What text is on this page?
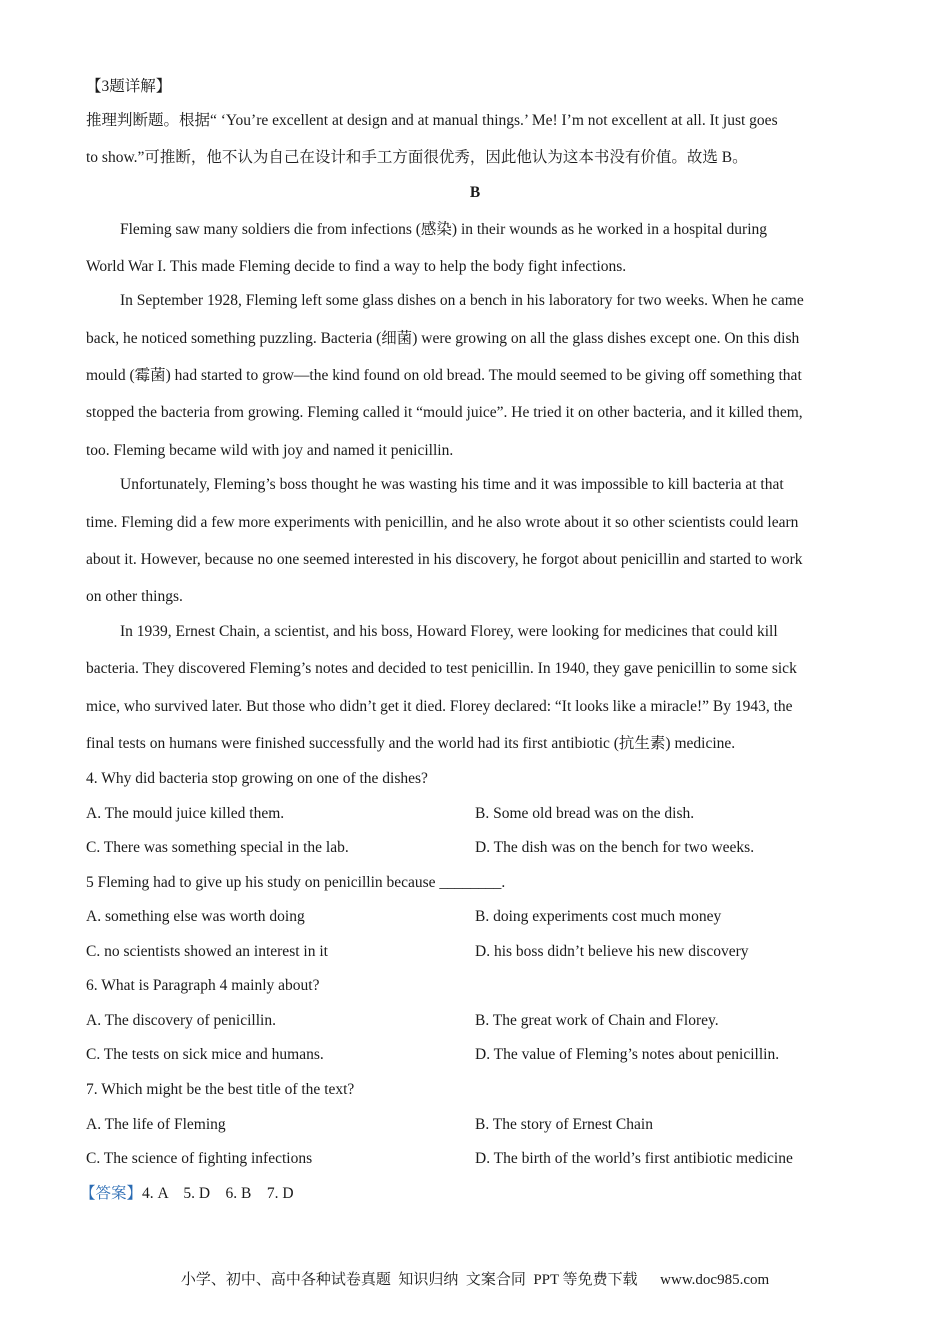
【3题详解】
推理判断题。根据“ ‘You’re excellent at design and at manual things.’ Me! I’m not excellent at all. It just goes
to show.”可推断，他不认为自己在设计和手工方面很优秀，因此他认为这本书没有价值。故选 B。
B
Fleming saw many soldiers die from infections (感染) in their wounds as he worked in a hospital during
World War I. This made Fleming decide to find a way to help the body fight infections.
In September 1928, Fleming left some glass dishes on a bench in his laboratory for two weeks. When he came
back, he noticed something puzzling. Bacteria (细菌) were growing on all the glass dishes except one. On this dish
mould (霉菌) had started to grow—the kind found on old bread. The mould seemed to be giving off something that
stopped the bacteria from growing. Fleming called it “mould juice”. He tried it on other bacteria, and it killed them,
too. Fleming became wild with joy and named it penicillin.
Unfortunately, Fleming’s boss thought he was wasting his time and it was impossible to kill bacteria at that
time. Fleming did a few more experiments with penicillin, and he also wrote about it so other scientists could learn
about it. However, because no one seemed interested in his discovery, he forgot about penicillin and started to work
on other things.
In 1939, Ernest Chain, a scientist, and his boss, Howard Florey, were looking for medicines that could kill
bacteria. They discovered Fleming’s notes and decided to test penicillin. In 1940, they gave penicillin to some sick
mice, who survived later. But those who didn’t get it died. Florey declared: “It looks like a miracle!” By 1943, the
final tests on humans were finished successfully and the world had its first antibiotic (抗生素) medicine.
4. Why did bacteria stop growing on one of the dishes?
A. The mould juice killed them.	B. Some old bread was on the dish.
C. There was something special in the lab.	D. The dish was on the bench for two weeks.
5 Fleming had to give up his study on penicillin because ________.
A. something else was worth doing	B. doing experiments cost much money
C. no scientists showed an interest in it	D. his boss didn’t believe his new discovery
6. What is Paragraph 4 mainly about?
A. The discovery of penicillin.	B. The great work of Chain and Florey.
C. The tests on sick mice and humans.	D. The value of Fleming’s notes about penicillin.
7. Which might be the best title of the text?
A. The life of Fleming	B. The story of Ernest Chain
C. The science of fighting infections	D. The birth of the world’s first antibiotic medicine
【答案】4. A    5. D    6. B    7. D
小学、初中、高中各种试卷真题  知识归纳  文案合同  PPT 等免费下载      www.doc985.com
